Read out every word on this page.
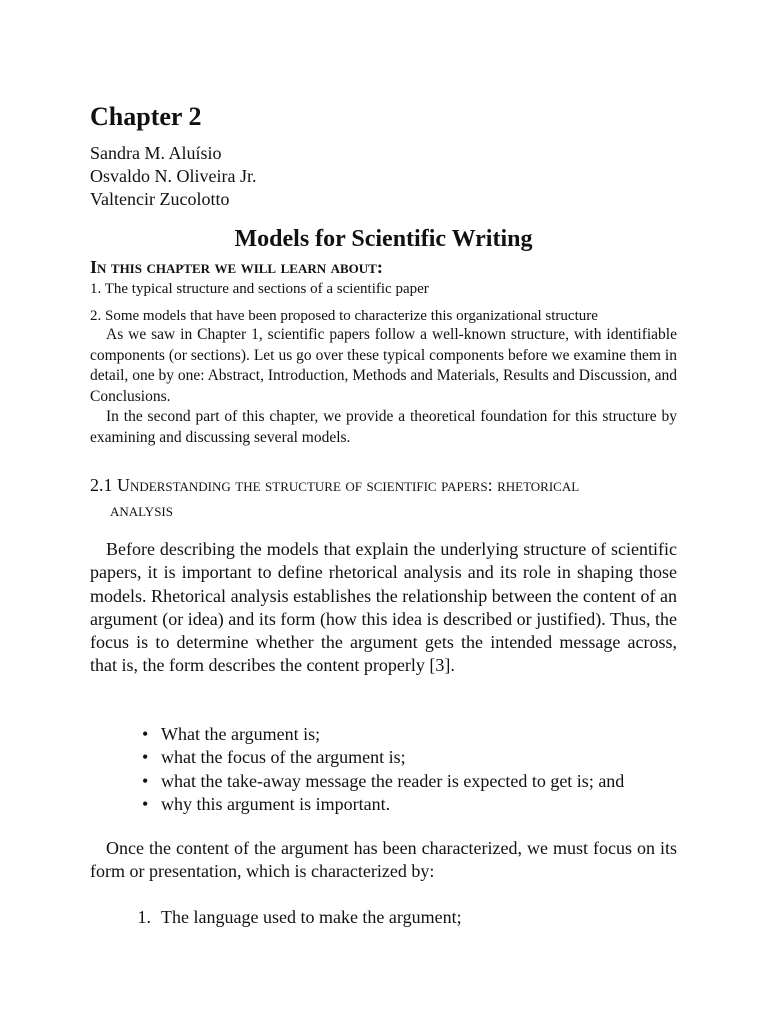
Chapter 2
Sandra M. Aluísio
Osvaldo N. Oliveira Jr.
Valtencir Zucolotto
Models for Scientific Writing
In this chapter we will learn about:
1. The typical structure and sections of a scientific paper
2. Some models that have been proposed to characterize this organizational structure

As we saw in Chapter 1, scientific papers follow a well-known structure, with identifiable components (or sections). Let us go over these typical components before we examine them in detail, one by one: Abstract, Introduction, Methods and Materials, Results and Discussion, and Conclusions.

In the second part of this chapter, we provide a theoretical foundation for this structure by examining and discussing several models.

2.1 Understanding the structure of scientific papers: rhetorical
analysis

Before describing the models that explain the underlying structure of scientific papers, it is important to define rhetorical analysis and its role in shaping those models. Rhetorical analysis establishes the relationship between the content of an argument (or idea) and its form (how this idea is described or justified). Thus, the focus is to determine whether the argument gets the intended message across, that is, the form describes the content properly [3].

• What the argument is;
• what the focus of the argument is;
• what the take-away message the reader is expected to get is; and
• why this argument is important.

Once the content of the argument has been characterized, we must focus on its form or presentation, which is characterized by:

1. The language used to make the argument;
